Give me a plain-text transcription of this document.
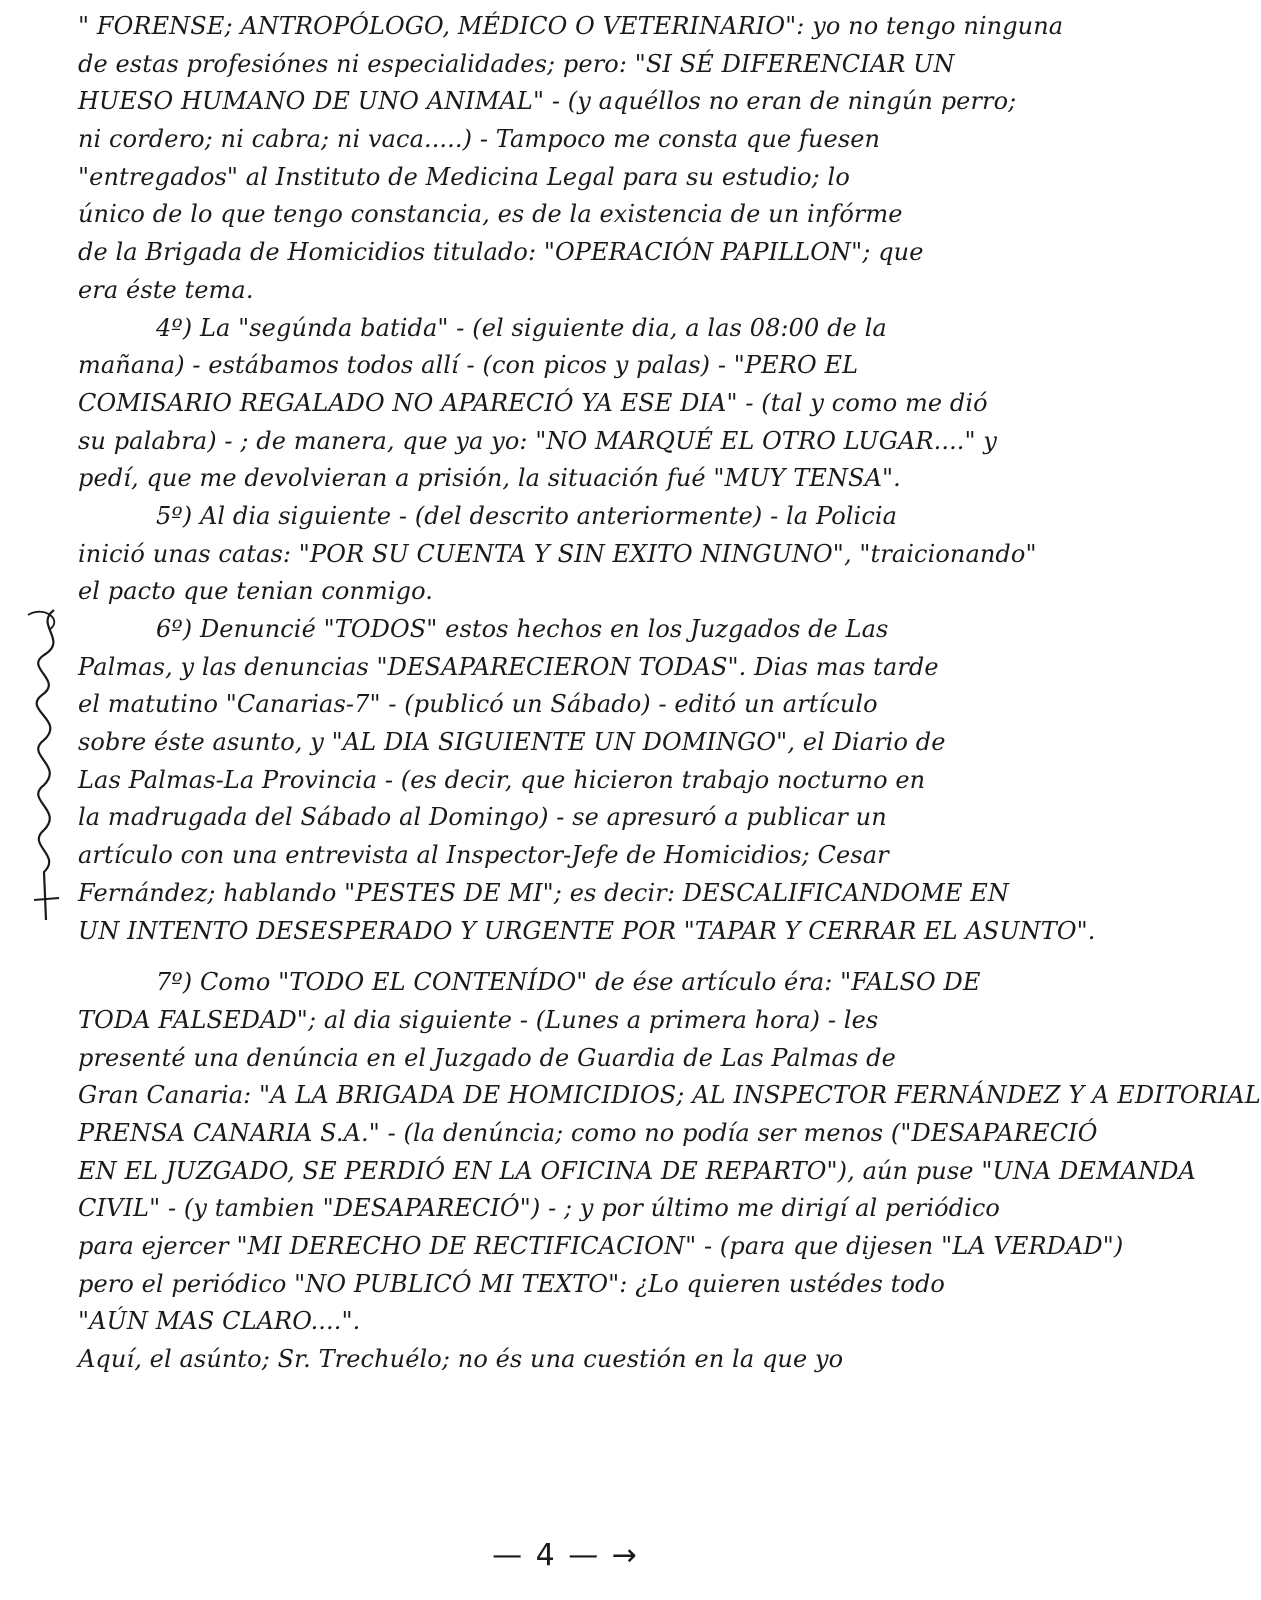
" FORENSE; ANTROPÓLOGO, MÉDICO O VETERINARIO": yo no tengo ninguna
de estas profesiónes ni especialidades; pero: "SI SÉ DIFERENCIAR UN
HUESO HUMANO DE UNO ANIMAL" - (y aquéllos no eran de ningún perro;
ni cordero; ni cabra; ni vaca.....) - Tampoco me consta que fuesen
"entregados" al Instituto de Medicina Legal para su estudio; lo
único de lo que tengo constancia, es de la existencia de un infórme
de la Brigada de Homicidios titulado: "OPERACIÓN PAPILLON"; que
era éste tema.
4º) La "segúnda batida" - (el siguiente dia, a las 08:00 de la
mañana) - estábamos todos allí - (con picos y palas) - "PERO EL
COMISARIO REGALADO NO APARECIÓ YA ESE DIA" - (tal y como me dió
su palabra) - ; de manera, que ya yo: "NO MARQUÉ EL OTRO LUGAR...." y
pedí, que me devolvieran a prisión, la situación fué "MUY TENSA".
5º) Al dia siguiente - (del descrito anteriormente) - la Policia
inició unas catas: "POR SU CUENTA Y SIN EXITO NINGUNO", "traicionando"
el pacto que tenian conmigo.
6º) Denuncié "TODOS" estos hechos en los Juzgados de Las
Palmas, y las denuncias "DESAPARECIERON TODAS". Dias mas tarde
el matutino "Canarias-7" - (publicó un Sábado) - editó un artículo
sobre éste asunto, y "AL DIA SIGUIENTE UN DOMINGO", el Diario de
Las Palmas-La Provincia - (es decir, que hicieron trabajo nocturno en
la madrugada del Sábado al Domingo) - se apresuró a publicar un
artículo con una entrevista al Inspector-Jefe de Homicidios; Cesar
Fernández; hablando "PESTES DE MI"; es decir: DESCALIFICANDOME EN
UN INTENTO DESESPERADO Y URGENTE POR "TAPAR Y CERRAR EL ASUNTO".
7º) Como "TODO EL CONTENÍDO" de ése artículo éra: "FALSO DE
TODA FALSEDAD"; al dia siguiente - (Lunes a primera hora) - les
presenté una denúncia en el Juzgado de Guardia de Las Palmas de
Gran Canaria: "A LA BRIGADA DE HOMICIDIOS; AL INSPECTOR FERNÁNDEZ Y A EDITORIAL
PRENSA CANARIA S.A." - (la denúncia; como no podía ser menos ("DESAPARECIÓ
EN EL JUZGADO, SE PERDIÓ EN LA OFICINA DE REPARTO"), aún puse "UNA DEMANDA
CIVIL" - (y tambien "DESAPARECIÓ") - ; y por último me dirigí al periódico
para ejercer "MI DERECHO DE RECTIFICACION" - (para que dijesen "LA VERDAD")
pero el periódico "NO PUBLICÓ MI TEXTO": ¿Lo quieren ustédes todo
"AÚN MAS CLARO....".
Aquí, el asúnto; Sr. Trechuélo; no és una cuestión en la que yo
— 4 — →
